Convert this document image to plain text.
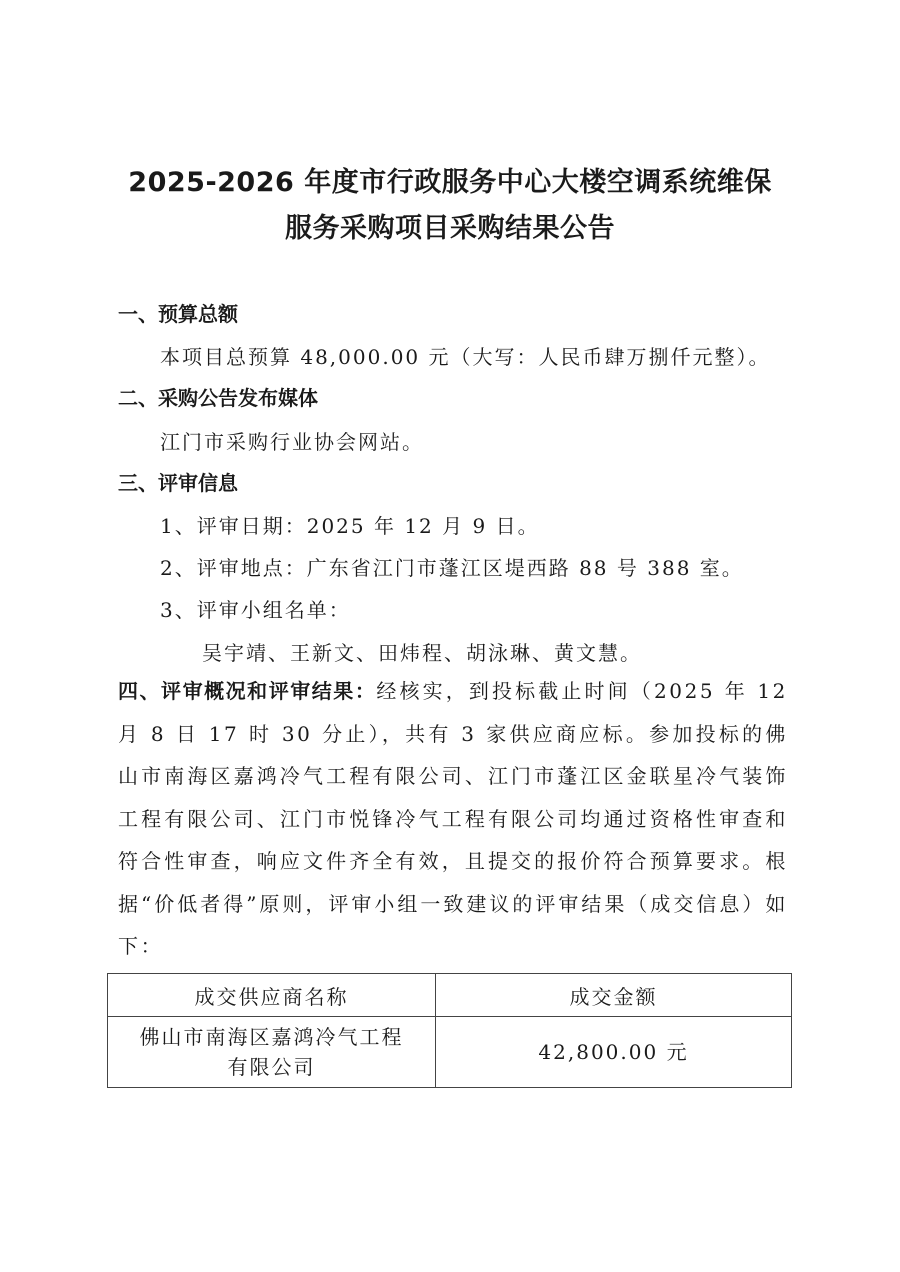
2025-2026 年度市行政服务中心大楼空调系统维保
服务采购项目采购结果公告
一、预算总额
本项目总预算 48,000.00 元（大写：人民币肆万捌仟元整）。
二、采购公告发布媒体
江门市采购行业协会网站。
三、评审信息
1、评审日期：2025 年 12 月 9 日。
2、评审地点：广东省江门市蓬江区堤西路 88 号 388 室。
3、评审小组名单：
吴宇靖、王新文、田炜程、胡泳琳、黄文慧。
四、评审概况和评审结果：经核实，到投标截止时间（2025 年 12 月 8 日 17 时 30 分止），共有 3 家供应商应标。参加投标的佛山市南海区嘉鸿冷气工程有限公司、江门市蓬江区金联星冷气装饰工程有限公司、江门市悦锋冷气工程有限公司均通过资格性审查和符合性审查，响应文件齐全有效，且提交的报价符合预算要求。根据“价低者得”原则，评审小组一致建议的评审结果（成交信息）如下：
成交供应商名称	成交金额
佛山市南海区嘉鸿冷气工程
有限公司	42,800.00 元
